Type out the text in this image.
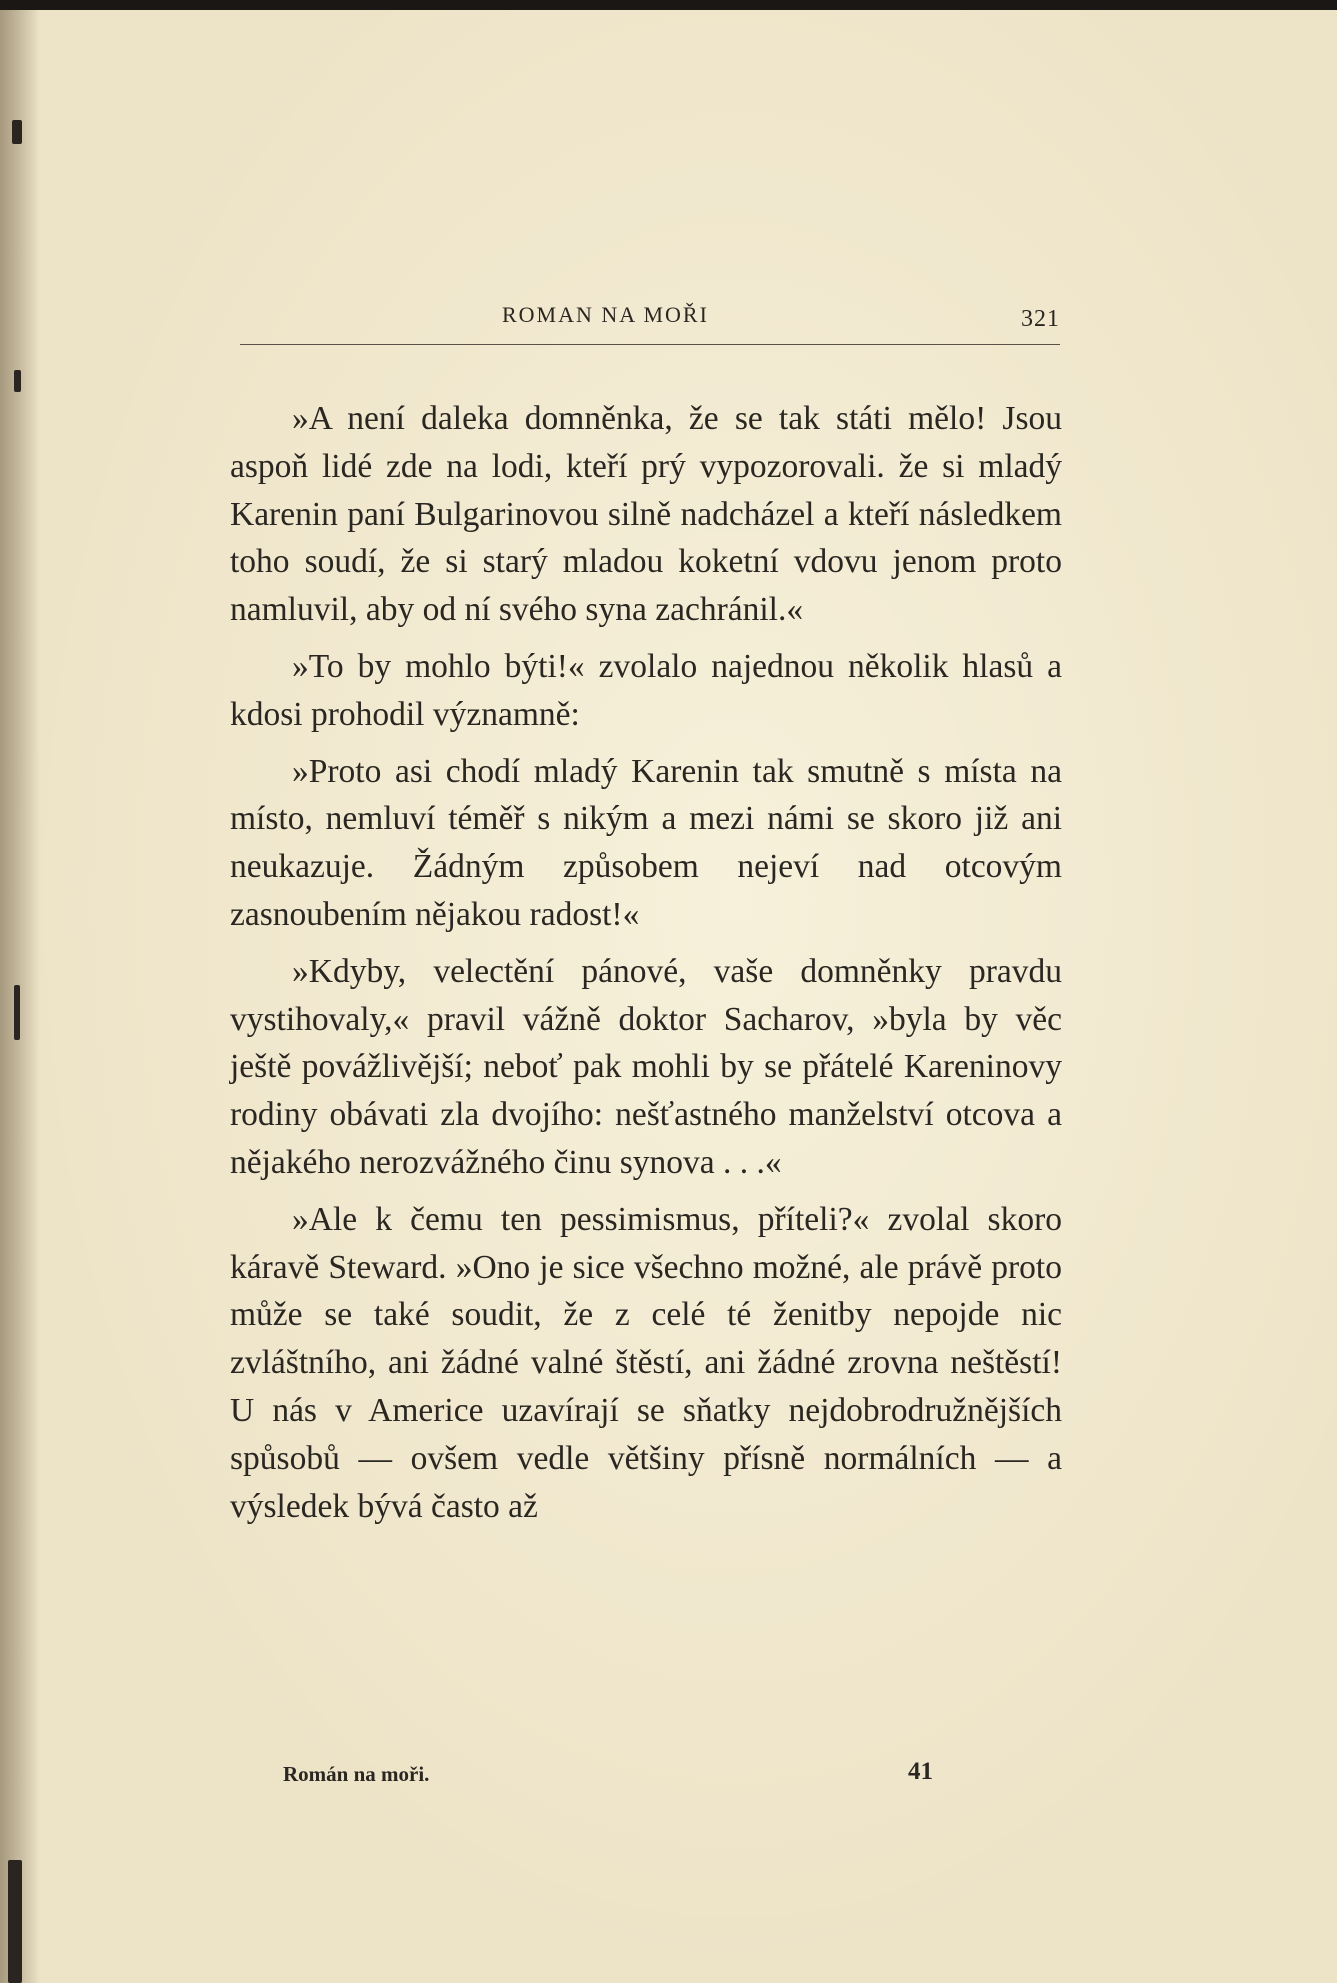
ROMAN NA MOŘI	321

»A není daleka domněnka, že se tak státi mělo! Jsou aspoň lidé zde na lodi, kteří prý vypozorovali. že si mladý Karenin paní Bulgarinovou silně nadcházel a kteří následkem toho soudí, že si starý mladou koketní vdovu jenom proto namluvil, aby od ní svého syna zachránil.«

»To by mohlo býti!« zvolalo najednou několik hlasů a kdosi prohodil významně:

»Proto asi chodí mladý Karenin tak smutně s místa na místo, nemluví téměř s nikým a mezi námi se skoro již ani neukazuje. Žádným způsobem nejeví nad otcovým zasnoubením nějakou radost!«

»Kdyby, velectění pánové, vaše domněnky pravdu vystihovaly,« pravil vážně doktor Sacharov, »byla by věc ještě povážlivější; neboť pak mohli by se přátelé Kareninovy rodiny obávati zla dvojího: nešťastného manželství otcova a nějakého nerozvážného činu synova . . .«

»Ale k čemu ten pessimismus, příteli?« zvolal skoro káravě Steward. »Ono je sice všechno možné, ale právě proto může se také soudit, že z celé té ženitby nepojde nic zvláštního, ani žádné valné štěstí, ani žádné zrovna neštěstí! U nás v Americe uzavírají se sňatky nejdobrodružnějších spůsobů — ovšem vedle většiny přísně normálních — a výsledek bývá často až

Román na moři.	41
